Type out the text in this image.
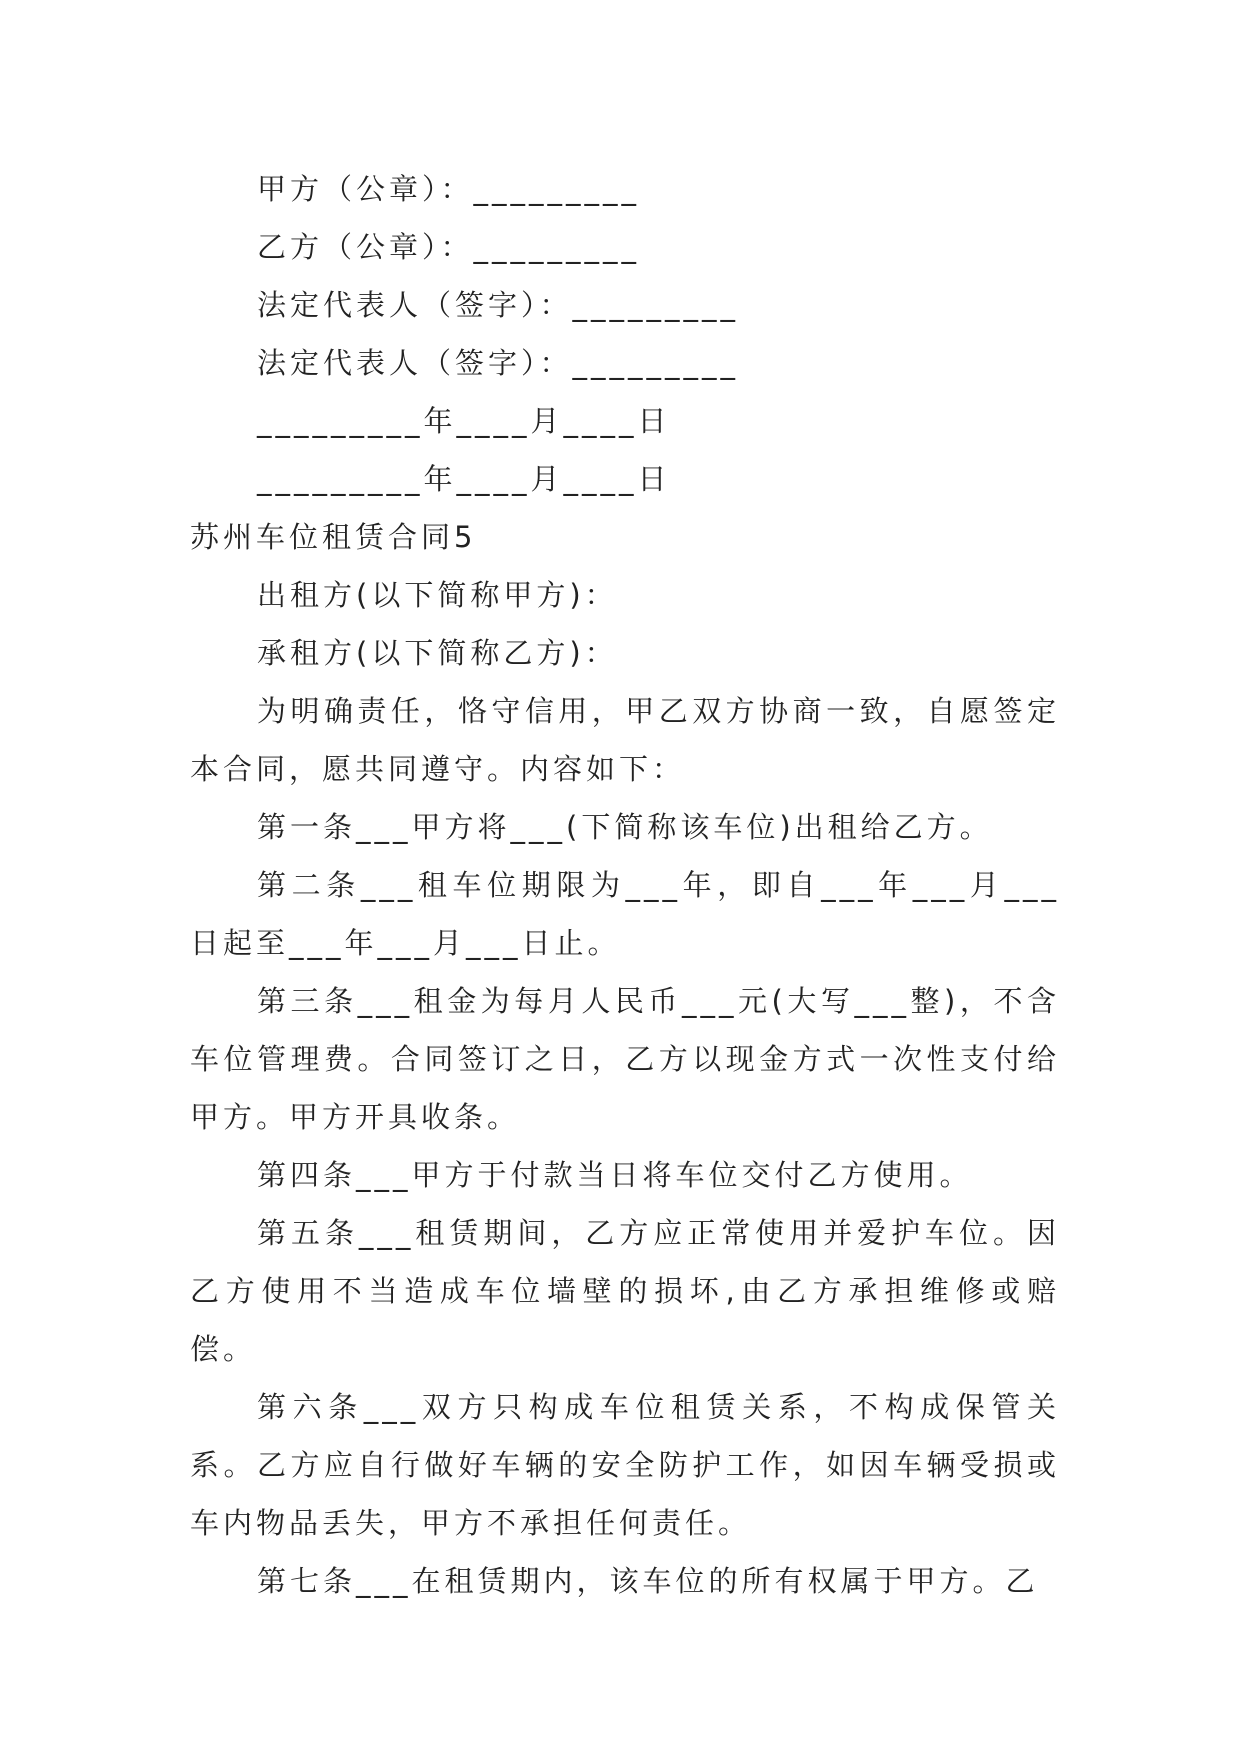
甲方（公章）：_________

乙方（公章）：_________

法定代表人（签字）：_________

法定代表人（签字）：_________

_________年____月____日

_________年____月____日

苏州车位租赁合同5

出租方(以下简称甲方)：

承租方(以下简称乙方)：

为明确责任，恪守信用，甲乙双方协商一致，自愿签定本合同，愿共同遵守。内容如下：

第一条___甲方将___(下简称该车位)出租给乙方。

第二条___租车位期限为___年，即自___年___月___日起至___年___月___日止。

第三条___租金为每月人民币___元(大写___整)，不含车位管理费。合同签订之日，乙方以现金方式一次性支付给甲方。甲方开具收条。

第四条___甲方于付款当日将车位交付乙方使用。

第五条___租赁期间，乙方应正常使用并爱护车位。因乙方使用不当造成车位墙壁的损坏,由乙方承担维修或赔偿。

第六条___双方只构成车位租赁关系，不构成保管关系。乙方应自行做好车辆的安全防护工作，如因车辆受损或车内物品丢失，甲方不承担任何责任。

第七条___在租赁期内，该车位的所有权属于甲方。乙
